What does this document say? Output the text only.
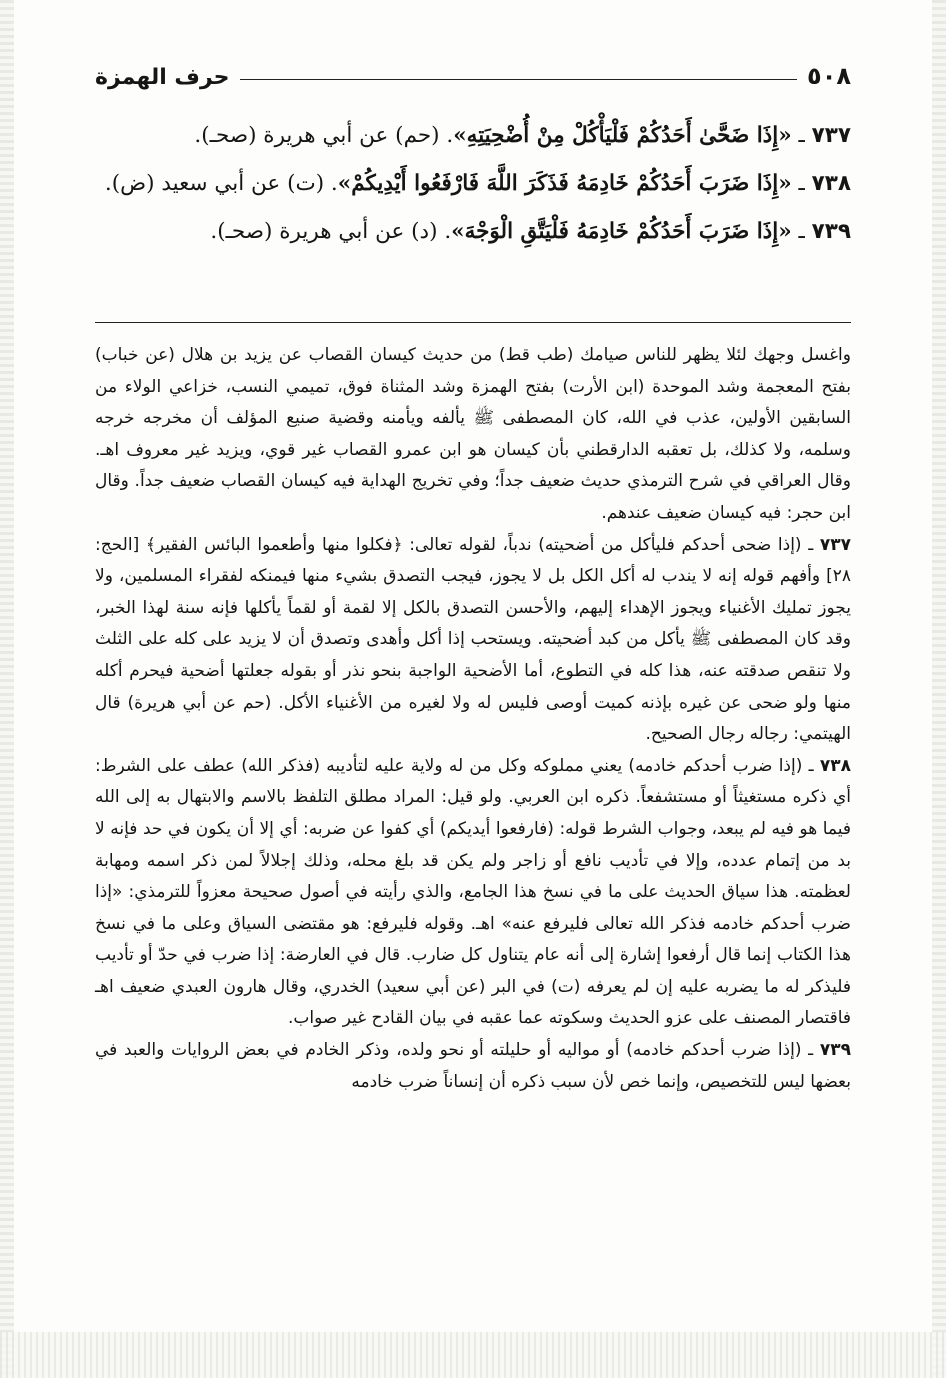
٥٠٨
حرف الهمزة

٧٣٧ ـ «إِذَا ضَحَّىٰ أَحَدُكُمْ فَلْيَأْكُلْ مِنْ أُضْحِيَتِهِ». (حم) عن أبي هريرة (صحـ).

٧٣٨ ـ «إِذَا ضَرَبَ أَحَدُكُمْ خَادِمَهُ فَذَكَرَ اللَّهَ فَارْفَعُوا أَيْدِيكُمْ». (ت) عن أبي سعيد (ض).

٧٣٩ ـ «إِذَا ضَرَبَ أَحَدُكُمْ خَادِمَهُ فَلْيَتَّقِ الْوَجْهَ». (د) عن أبي هريرة (صحـ).

واغسل وجهك لئلا يظهر للناس صيامك (طب قط) من حديث كيسان القصاب عن يزيد بن هلال (عن خباب) بفتح المعجمة وشد الموحدة (ابن الأرت) بفتح الهمزة وشد المثناة فوق، تميمي النسب، خزاعي الولاء من السابقين الأولين، عذب في الله، كان المصطفى ﷺ يألفه ويأمنه وقضية صنيع المؤلف أن مخرجه خرجه وسلمه، ولا كذلك، بل تعقبه الدارقطني بأن كيسان هو ابن عمرو القصاب غير قوي، ويزيد غير معروف اهـ. وقال العراقي في شرح الترمذي حديث ضعيف جداً؛ وفي تخريج الهداية فيه كيسان القصاب ضعيف جداً. وقال ابن حجر: فيه كيسان ضعيف عندهم.

٧٣٧ ـ (إذا ضحى أحدكم فليأكل من أضحيته) ندباً، لقوله تعالى: ﴿فكلوا منها وأطعموا البائس الفقير﴾ [الحج: ٢٨] وأفهم قوله إنه لا يندب له أكل الكل بل لا يجوز، فيجب التصدق بشيء منها فيمنكه لفقراء المسلمين، ولا يجوز تمليك الأغنياء ويجوز الإهداء إليهم، والأحسن التصدق بالكل إلا لقمة أو لقماً يأكلها فإنه سنة لهذا الخبر، وقد كان المصطفى ﷺ يأكل من كبد أضحيته. ويستحب إذا أكل وأهدى وتصدق أن لا يزيد على كله على الثلث ولا تنقص صدقته عنه، هذا كله في التطوع، أما الأضحية الواجبة بنحو نذر أو بقوله جعلتها أضحية فيحرم أكله منها ولو ضحى عن غيره بإذنه كميت أوصى فليس له ولا لغيره من الأغنياء الأكل. (حم عن أبي هريرة) قال الهيتمي: رجاله رجال الصحيح.

٧٣٨ ـ (إذا ضرب أحدكم خادمه) يعني مملوكه وكل من له ولاية عليه لتأديبه (فذكر الله) عطف على الشرط: أي ذكره مستغيثاً أو مستشفعاً. ذكره ابن العربي. ولو قيل: المراد مطلق التلفظ بالاسم والابتهال به إلى الله فيما هو فيه لم يبعد، وجواب الشرط قوله: (فارفعوا أيديكم) أي كفوا عن ضربه: أي إلا أن يكون في حد فإنه لا بد من إتمام عدده، وإلا في تأديب نافع أو زاجر ولم يكن قد بلغ محله، وذلك إجلالاً لمن ذكر اسمه ومهابة لعظمته. هذا سياق الحديث على ما في نسخ هذا الجامع، والذي رأيته في أصول صحيحة معزواً للترمذي: «إذا ضرب أحدكم خادمه فذكر الله تعالى فليرفع عنه» اهـ. وقوله فليرفع: هو مقتضى السياق وعلى ما في نسخ هذا الكتاب إنما قال أرفعوا إشارة إلى أنه عام يتناول كل ضارب. قال في العارضة: إذا ضرب في حدّ أو تأديب فليذكر له ما يضربه عليه إن لم يعرفه (ت) في البر (عن أبي سعيد) الخدري، وقال هارون العبدي ضعيف اهـ فاقتصار المصنف على عزو الحديث وسكوته عما عقبه في بيان القادح غير صواب.

٧٣٩ ـ (إذا ضرب أحدكم خادمه) أو مواليه أو حليلته أو نحو ولده، وذكر الخادم في بعض الروايات والعبد في بعضها ليس للتخصيص، وإنما خص لأن سبب ذكره أن إنساناً ضرب خادمه
